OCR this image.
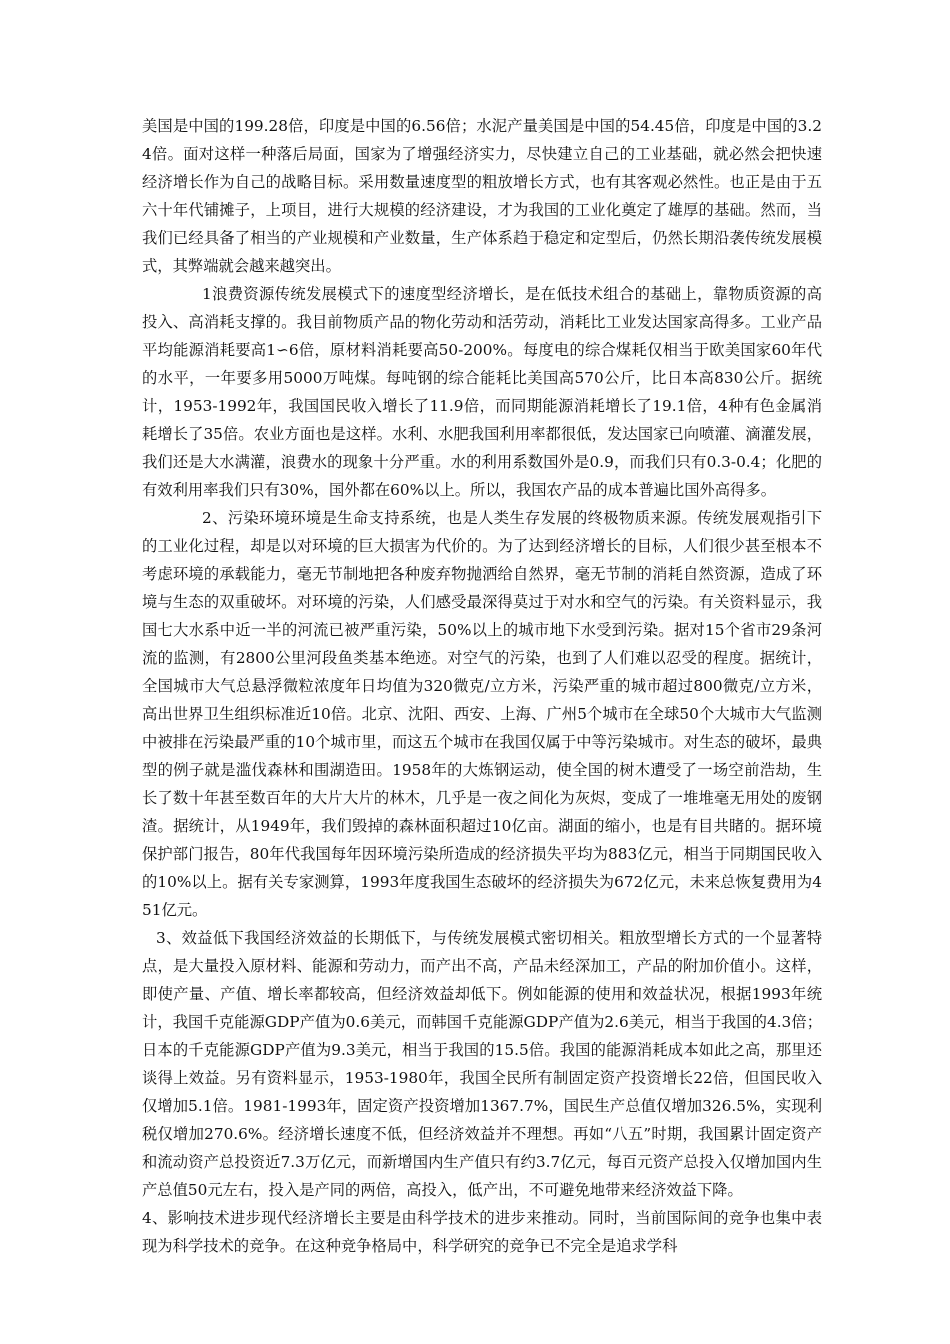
美国是中国的199.28倍，印度是中国的6.56倍；水泥产量美国是中国的54.45倍，印度是中国的3.24倍。面对这样一种落后局面，国家为了增强经济实力，尽快建立自己的工业基础，就必然会把快速经济增长作为自己的战略目标。采用数量速度型的粗放增长方式，也有其客观必然性。也正是由于五六十年代铺摊子，上项目，进行大规模的经济建设，才为我国的工业化奠定了雄厚的基础。然而，当我们已经具备了相当的产业规模和产业数量，生产体系趋于稳定和定型后，仍然长期沿袭传统发展模式，其弊端就会越来越突出。

1浪费资源传统发展模式下的速度型经济增长，是在低技术组合的基础上，靠物质资源的高投入、高消耗支撑的。我目前物质产品的物化劳动和活劳动，消耗比工业发达国家高得多。工业产品平均能源消耗要高1∽6倍，原材料消耗要高50-200%。每度电的综合煤耗仅相当于欧美国家60年代的水平，一年要多用5000万吨煤。每吨钢的综合能耗比美国高570公斤，比日本高830公斤。据统计，1953-1992年，我国国民收入增长了11.9倍，而同期能源消耗增长了19.1倍，4种有色金属消耗增长了35倍。农业方面也是这样。水利、水肥我国利用率都很低，发达国家已向喷灌、滴灌发展，我们还是大水满灌，浪费水的现象十分严重。水的利用系数国外是0.9，而我们只有0.3-0.4；化肥的有效利用率我们只有30%，国外都在60%以上。所以，我国农产品的成本普遍比国外高得多。

2、污染环境环境是生命支持系统，也是人类生存发展的终极物质来源。传统发展观指引下的工业化过程，却是以对环境的巨大损害为代价的。为了达到经济增长的目标，人们很少甚至根本不考虑环境的承载能力，毫无节制地把各种废弃物抛洒给自然界，毫无节制的消耗自然资源，造成了环境与生态的双重破坏。对环境的污染，人们感受最深得莫过于对水和空气的污染。有关资料显示，我国七大水系中近一半的河流已被严重污染，50%以上的城市地下水受到污染。据对15个省市29条河流的监测，有2800公里河段鱼类基本绝迹。对空气的污染，也到了人们难以忍受的程度。据统计，全国城市大气总悬浮微粒浓度年日均值为320微克/立方米，污染严重的城市超过800微克/立方米，高出世界卫生组织标准近10倍。北京、沈阳、西安、上海、广州5个城市在全球50个大城市大气监测中被排在污染最严重的10个城市里，而这五个城市在我国仅属于中等污染城市。对生态的破坏，最典型的例子就是滥伐森林和围湖造田。1958年的大炼钢运动，使全国的树木遭受了一场空前浩劫，生长了数十年甚至数百年的大片大片的林木，几乎是一夜之间化为灰烬，变成了一堆堆毫无用处的废钢渣。据统计，从1949年，我们毁掉的森林面积超过10亿亩。湖面的缩小，也是有目共睹的。据环境保护部门报告，80年代我国每年因环境污染所造成的经济损失平均为883亿元，相当于同期国民收入的10%以上。据有关专家测算，1993年度我国生态破坏的经济损失为672亿元，未来总恢复费用为451亿元。

3、效益低下我国经济效益的长期低下，与传统发展模式密切相关。粗放型增长方式的一个显著特点，是大量投入原材料、能源和劳动力，而产出不高，产品未经深加工，产品的附加价值小。这样，即使产量、产值、增长率都较高，但经济效益却低下。例如能源的使用和效益状况，根据1993年统计，我国千克能源GDP产值为0.6美元，而韩国千克能源GDP产值为2.6美元，相当于我国的4.3倍；日本的千克能源GDP产值为9.3美元，相当于我国的15.5倍。我国的能源消耗成本如此之高，那里还谈得上效益。另有资料显示，1953-1980年，我国全民所有制固定资产投资增长22倍，但国民收入仅增加5.1倍。1981-1993年，固定资产投资增加1367.7%，国民生产总值仅增加326.5%，实现利税仅增加270.6%。经济增长速度不低，但经济效益并不理想。再如“八五”时期，我国累计固定资产和流动资产总投资近7.3万亿元，而新增国内生产值只有约3.7亿元，每百元资产总投入仅增加国内生产总值50元左右，投入是产同的两倍，高投入，低产出，不可避免地带来经济效益下降。

4、影响技术进步现代经济增长主要是由科学技术的进步来推动。同时，当前国际间的竞争也集中表现为科学技术的竞争。在这种竞争格局中，科学研究的竞争已不完全是追求学科
